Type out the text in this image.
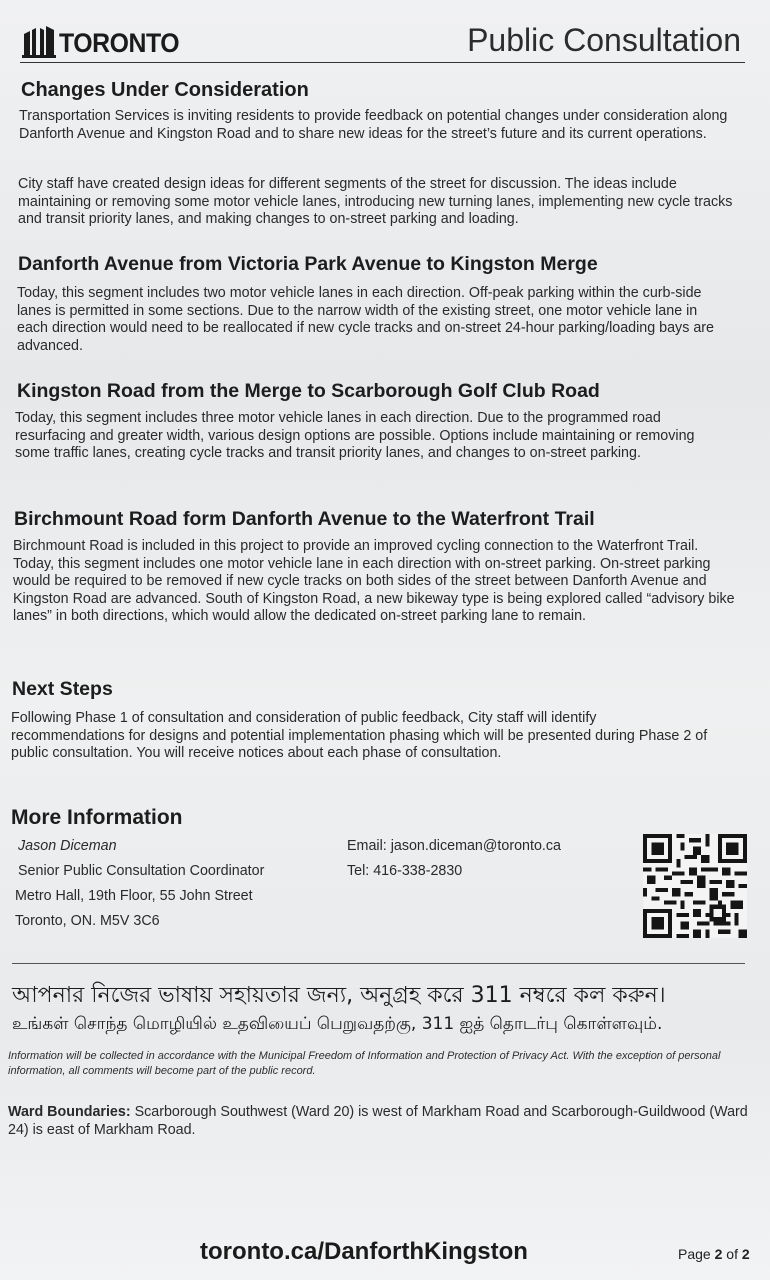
TORONTO	Public Consultation
Changes Under Consideration

Transportation Services is inviting residents to provide feedback on potential changes under consideration along Danforth Avenue and Kingston Road and to share new ideas for the street’s future and its current operations.

City staff have created design ideas for different segments of the street for discussion. The ideas include maintaining or removing some motor vehicle lanes, introducing new turning lanes, implementing new cycle tracks and transit priority lanes, and making changes to on-street parking and loading.

Danforth Avenue from Victoria Park Avenue to Kingston Merge

Today, this segment includes two motor vehicle lanes in each direction. Off-peak parking within the curb-side lanes is permitted in some sections. Due to the narrow width of the existing street, one motor vehicle lane in each direction would need to be reallocated if new cycle tracks and on-street 24-hour parking/loading bays are advanced.

Kingston Road from the Merge to Scarborough Golf Club Road

Today, this segment includes three motor vehicle lanes in each direction. Due to the programmed road resurfacing and greater width, various design options are possible. Options include maintaining or removing some traffic lanes, creating cycle tracks and transit priority lanes, and changes to on-street parking.

Birchmount Road form Danforth Avenue to the Waterfront Trail

Birchmount Road is included in this project to provide an improved cycling connection to the Waterfront Trail. Today, this segment includes one motor vehicle lane in each direction with on-street parking. On-street parking would be required to be removed if new cycle tracks on both sides of the street between Danforth Avenue and Kingston Road are advanced. South of Kingston Road, a new bikeway type is being explored called “advisory bike lanes” in both directions, which would allow the dedicated on-street parking lane to remain.

Next Steps

Following Phase 1 of consultation and consideration of public feedback, City staff will identify recommendations for designs and potential implementation phasing which will be presented during Phase 2 of public consultation. You will receive notices about each phase of consultation.

More Information
Jason Diceman
Senior Public Consultation Coordinator
Metro Hall, 19th Floor, 55 John Street
Toronto, ON. M5V 3C6
Email: jason.diceman@toronto.ca
Tel: 416-338-2830
আপনার নিজের ভাষায় সহায়তার জন্য, অনুগ্রহ করে 311 নম্বরে কল করুন।
உங்கள் சொந்த மொழியில் உதவியைப் பெறுவதற்கு, 311 ஐத் தொடர்பு கொள்ளவும்.
Information will be collected in accordance with the Municipal Freedom of Information and Protection of Privacy Act. With the exception of personal information, all comments will become part of the public record.
Ward Boundaries: Scarborough Southwest (Ward 20) is west of Markham Road and Scarborough-Guildwood (Ward 24) is east of Markham Road.
toronto.ca/DanforthKingston	Page 2 of 2
